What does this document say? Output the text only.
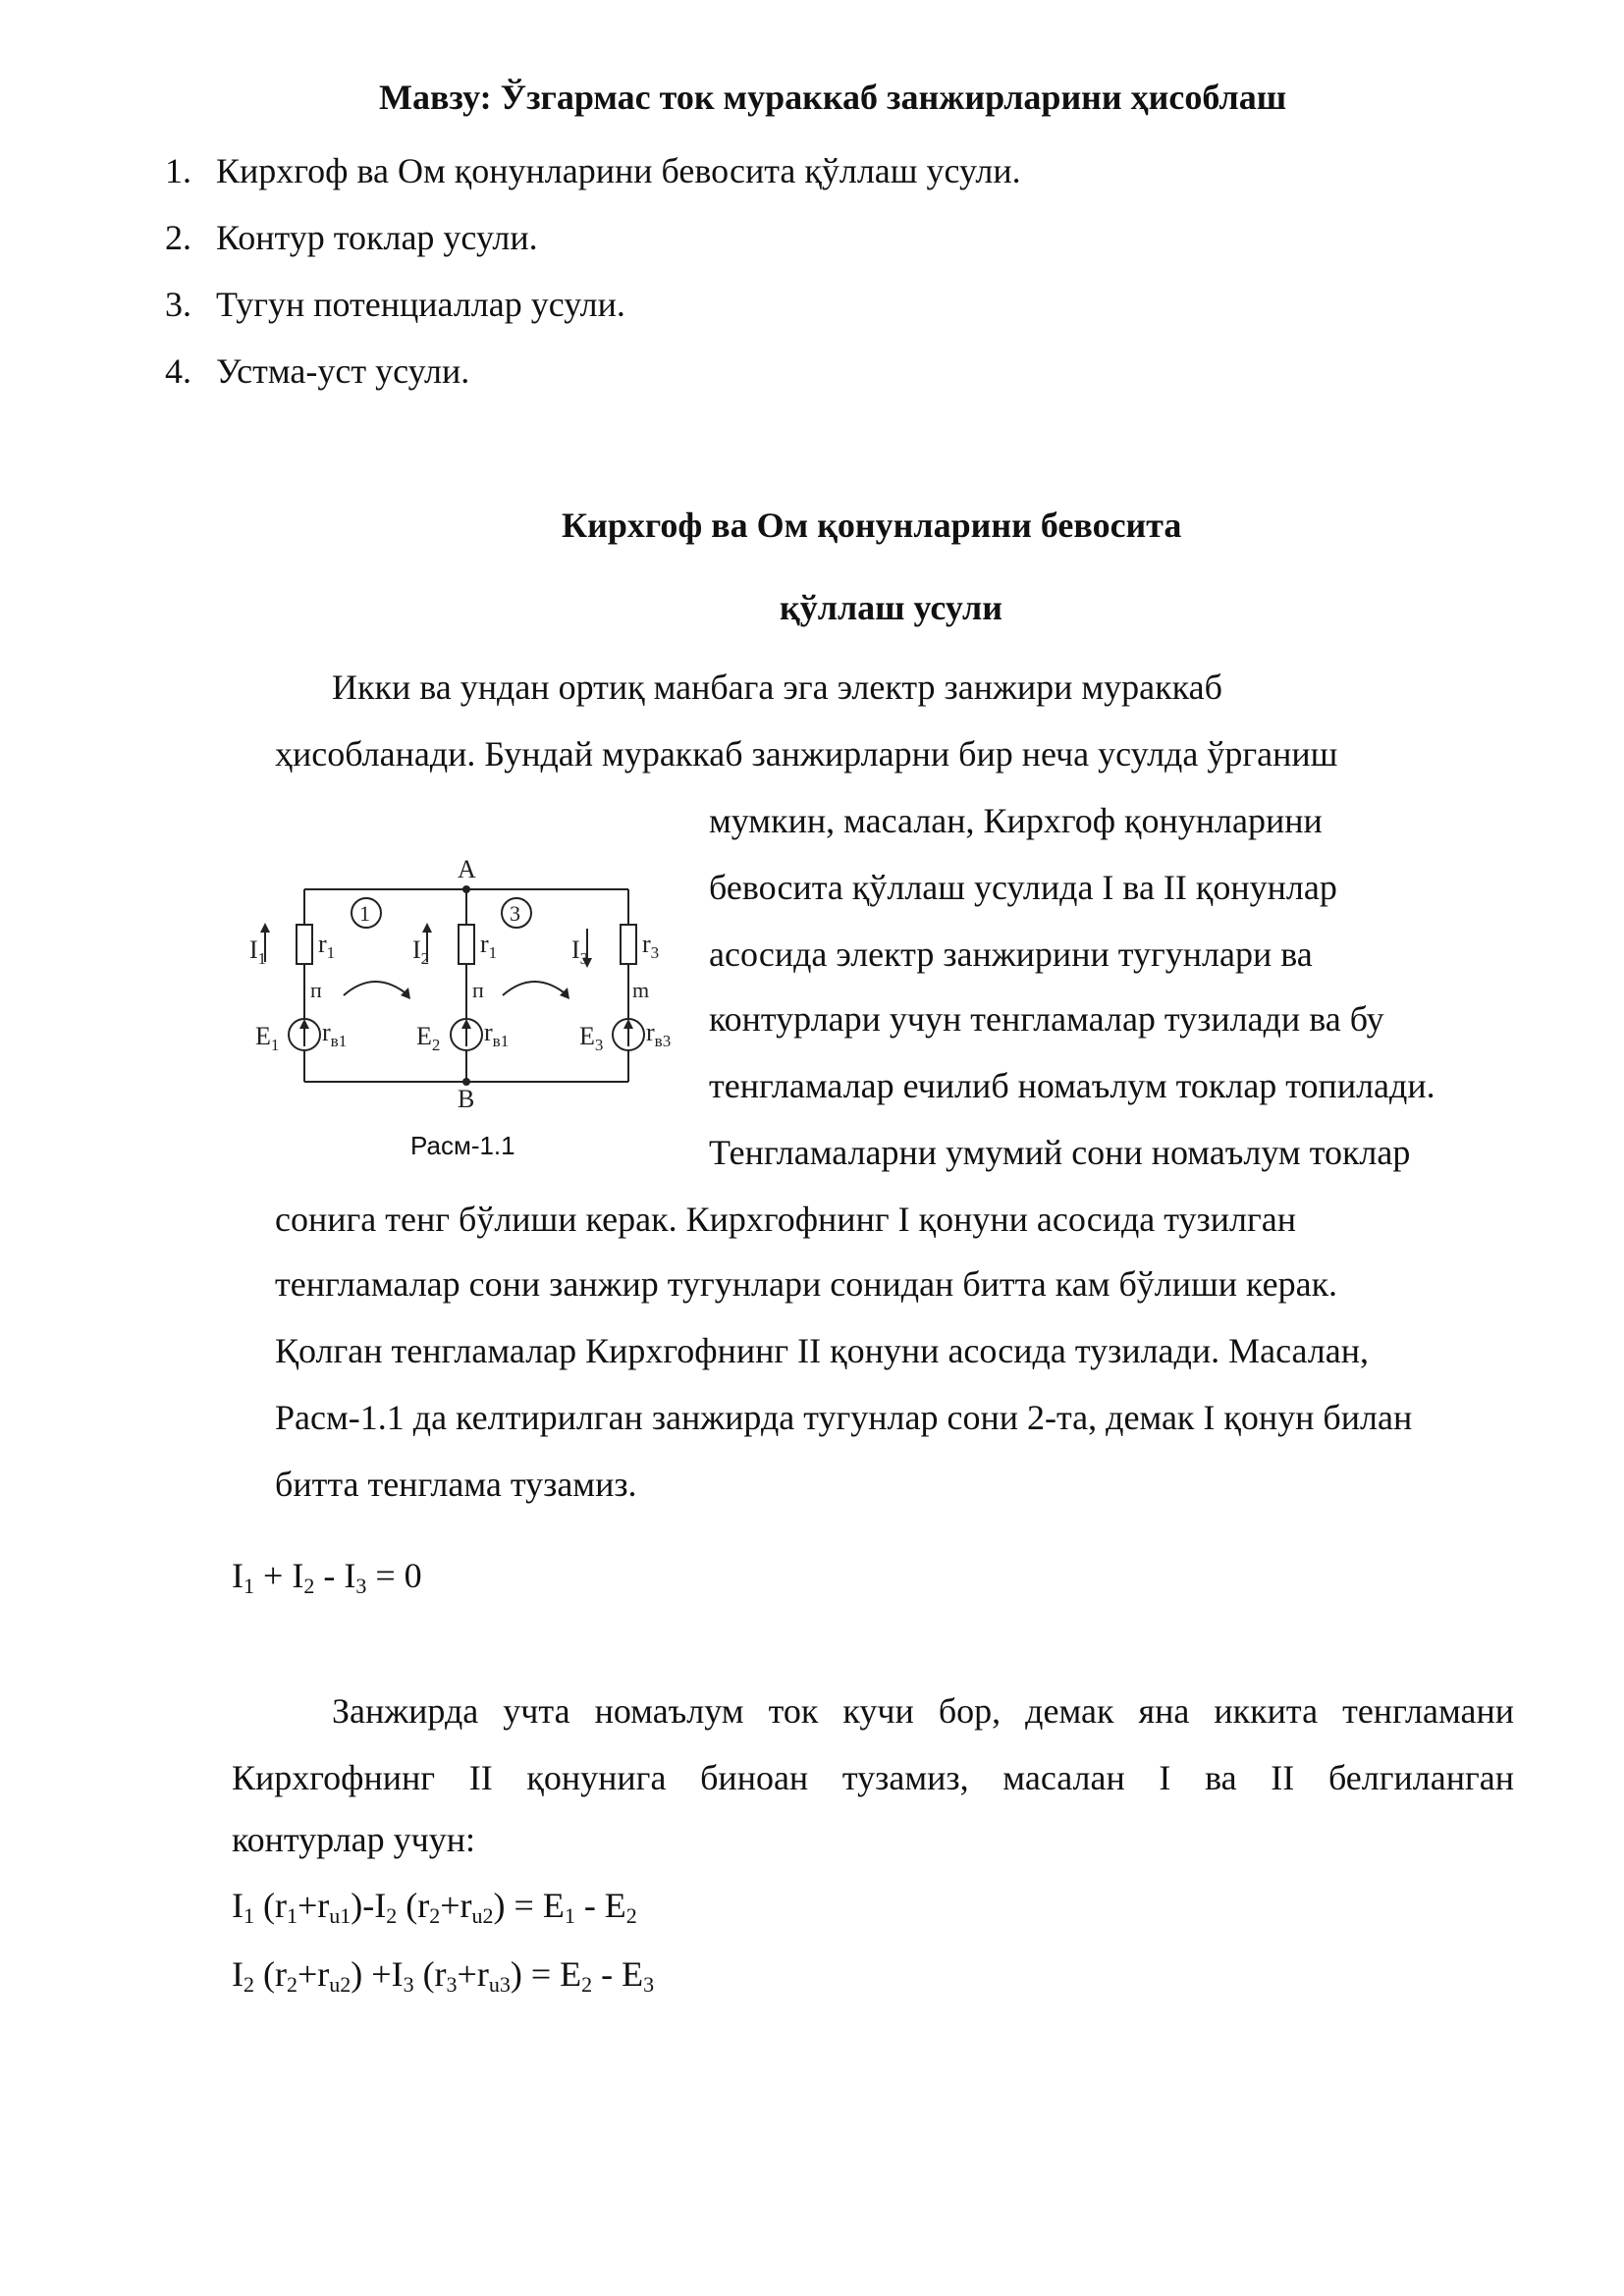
Мавзу: Ўзгармас ток мураккаб занжирларини ҳисоблаш
1. Кирхгоф ва Ом қонунларини бевосита қўллаш усули.
2. Контур токлар усули.
3. Тугун потенциаллар усули.
4. Устма-уст усули.
Кирхгоф ва Ом қонунларини бевосита
қўллаш усули
Икки ва ундан ортиқ манбага эга электр занжири мураккаб
ҳисобланади. Бундай мураккаб занжирларни бир неча усулда ўрганиш
мумкин, масалан, Кирхгоф қонунларини
бевосита қўллаш усулида I ва II қонунлар
асосида электр занжирини тугунлари ва
контурлари учун тенгламалар тузилади ва бу
тенгламалар ечилиб номаълум токлар топилади.
Тенгламаларни умумий сони номаълум токлар
сонига тенг бўлиши керак. Кирхгофнинг I қонуни асосида тузилган
тенгламалар сони занжир тугунлари сонидан битта кам бўлиши керак.
Қолган тенгламалар Кирхгофнинг II қонуни асосида тузилади. Масалан,
Расм-1.1 да келтирилган занжирда тугунлар сони 2-та, демак I қонун билан
битта тенглама тузамиз.
A
B
1	3
$I_1$
$r_1$
п
$E_1$ $r_{в1}$
$I_2$
$r_1$
п
$E_2$ $r_{в1}$
$I_3$
$r_3$
m
$E_3$ $r_{в3}$
Расм-1.1
$I_1 + I_2 - I_3 = 0$
Занжирда учта номаълум ток кучи бор, демак яна иккита тенгламани
Кирхгофнинг II қонунига биноан тузамиз, масалан I ва II белгиланган
контурлар учун:
$I_1$ $(r_1+r_{u1})-I_2$ $(r_2+r_{u2}) = E_1 - E_2$
$I_2$ $(r_2+r_{u2}) +I_3$ $(r_3+r_{u3}) = E_2 - E_3$
